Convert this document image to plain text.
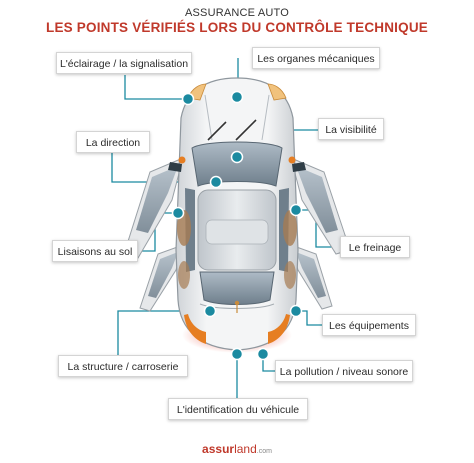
ASSURANCE AUTO
LES POINTS VÉRIFIÉS LORS DU CONTRÔLE TECHNIQUE
L'éclairage / la signalisation	Les organes mécaniques
La direction
La visibilité
Lisaisons au sol	Le freinage
Les équipements
La structure / carroserie	La pollution / niveau sonore
L'identification du véhicule
assurland.com
